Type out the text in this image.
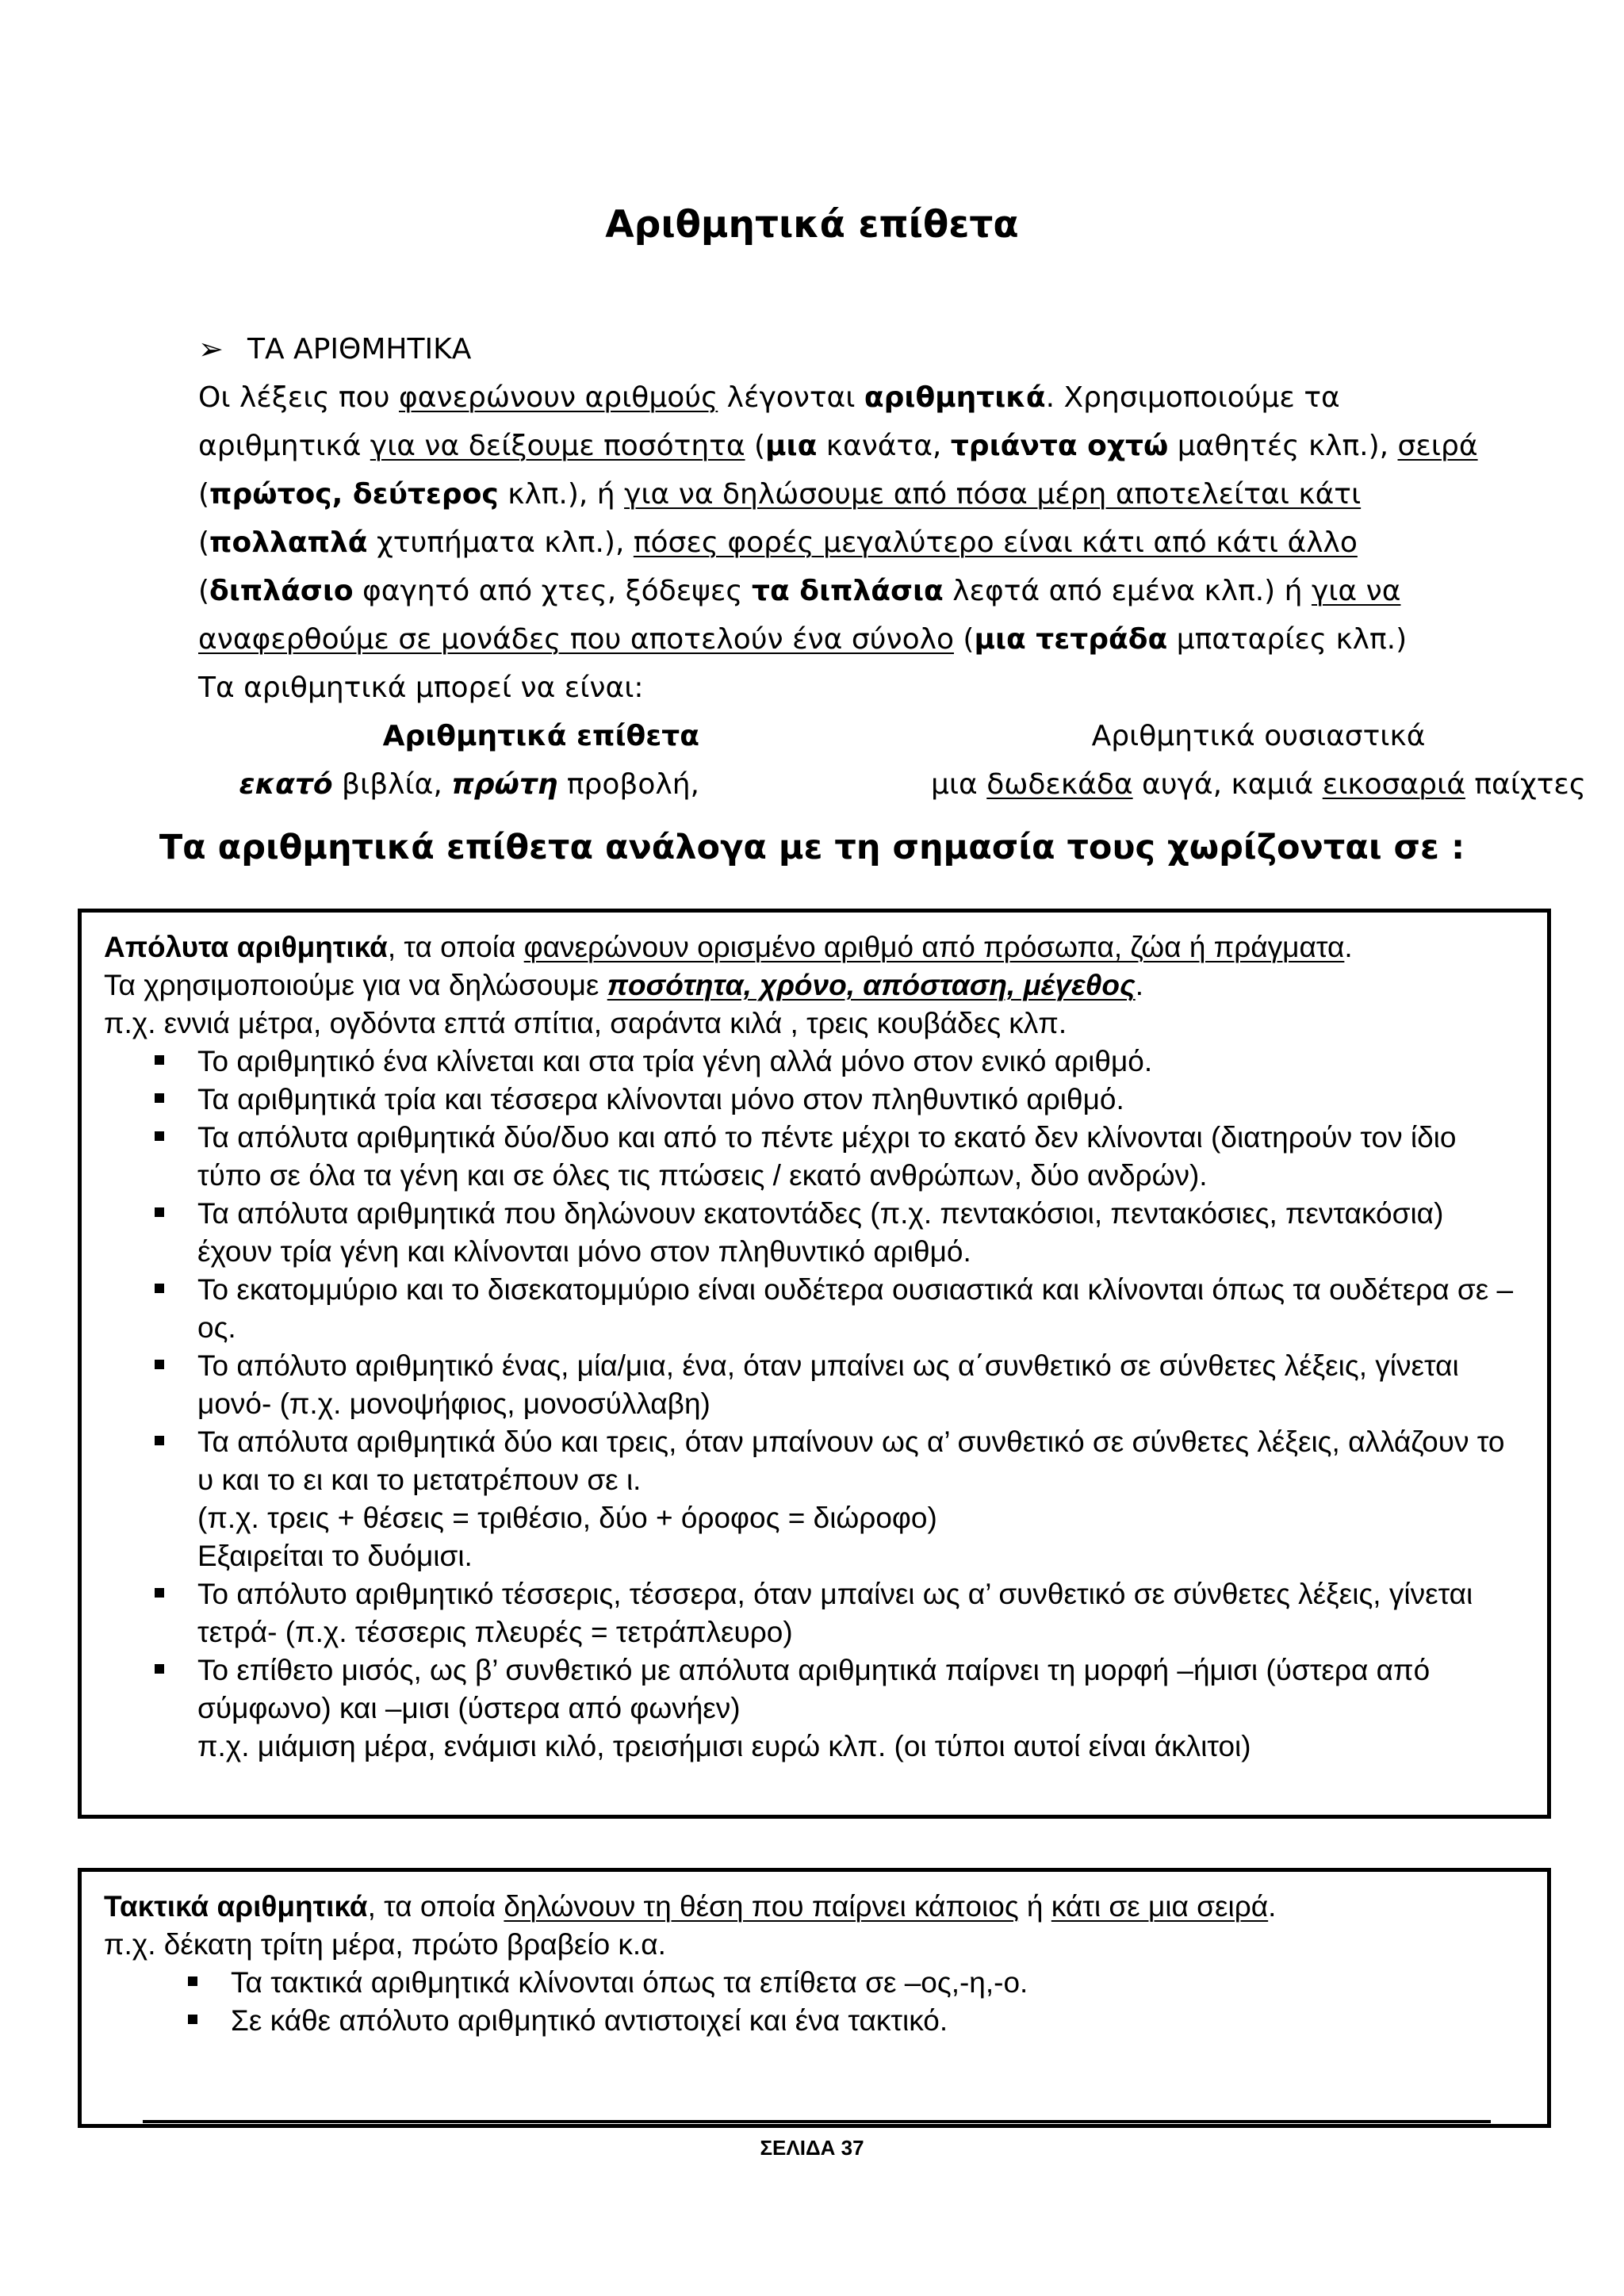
Αριθμητικά επίθετα
➢ ΤΑ ΑΡΙΘΜΗΤΙΚΑ
Οι λέξεις που φανερώνουν αριθμούς λέγονται αριθμητικά. Χρησιμοποιούμε τα αριθμητικά για να δείξουμε ποσότητα (μια κανάτα, τριάντα οχτώ μαθητές κλπ.), σειρά (πρώτος, δεύτερος κλπ.), ή για να δηλώσουμε από πόσα μέρη αποτελείται κάτι (πολλαπλά χτυπήματα κλπ.), πόσες φορές μεγαλύτερο είναι κάτι από κάτι άλλο (διπλάσιο φαγητό από χτες, ξόδεψες τα διπλάσια λεφτά από εμένα κλπ.) ή για να αναφερθούμε σε μονάδες που αποτελούν ένα σύνολο (μια τετράδα μπαταρίες κλπ.)
Τα αριθμητικά μπορεί να είναι:
Αριθμητικά επίθετα	Αριθμητικά ουσιαστικά
εκατό βιβλία, πρώτη προβολή,	μια δωδεκάδα αυγά, καμιά εικοσαριά παίχτες
Τα αριθμητικά επίθετα ανάλογα με τη σημασία τους χωρίζονται σε :

Απόλυτα αριθμητικά, τα οποία φανερώνουν ορισμένο αριθμό από πρόσωπα, ζώα ή πράγματα.

Τα χρησιμοποιούμε για να δηλώσουμε ποσότητα, χρόνο, απόσταση, μέγεθος.

π.χ. εννιά μέτρα, ογδόντα επτά σπίτια, σαράντα κιλά , τρεις κουβάδες κλπ.

Το αριθμητικό ένα κλίνεται και στα τρία γένη αλλά μόνο στον ενικό αριθμό.
Τα αριθμητικά τρία και τέσσερα κλίνονται μόνο στον πληθυντικό αριθμό.
Τα απόλυτα αριθμητικά δύο/δυο και από το πέντε μέχρι το εκατό δεν κλίνονται (διατηρούν τον ίδιο τύπο σε όλα τα γένη και σε όλες τις πτώσεις / εκατό ανθρώπων, δύο ανδρών).
Τα απόλυτα αριθμητικά που δηλώνουν εκατοντάδες (π.χ. πεντακόσιοι, πεντακόσιες, πεντακόσια) έχουν τρία γένη και κλίνονται μόνο στον πληθυντικό αριθμό.
Το εκατομμύριο και το δισεκατομμύριο είναι ουδέτερα ουσιαστικά και κλίνονται όπως τα ουδέτερα σε –ος.
Το απόλυτο αριθμητικό ένας, μία/μια, ένα, όταν μπαίνει ως α΄συνθετικό σε σύνθετες λέξεις, γίνεται μονό- (π.χ. μονοψήφιος, μονοσύλλαβη)
Τα απόλυτα αριθμητικά δύο και τρεις, όταν μπαίνουν ως α’ συνθετικό σε σύνθετες λέξεις, αλλάζουν το υ και το ει και το μετατρέπουν σε ι.

(π.χ. τρεις + θέσεις = τριθέσιο, δύο + όροφος = διώροφο)

Εξαιρείται το δυόμισι.

Το απόλυτο αριθμητικό τέσσερις, τέσσερα, όταν μπαίνει ως α’ συνθετικό σε σύνθετες λέξεις, γίνεται τετρά- (π.χ. τέσσερις πλευρές = τετράπλευρο)
Το επίθετο μισός, ως β’ συνθετικό με απόλυτα αριθμητικά παίρνει τη μορφή –ήμισι (ύστερα από σύμφωνο) και –μισι (ύστερα από φωνήεν)

π.χ. μιάμιση μέρα, ενάμισι κιλό, τρεισήμισι ευρώ κλπ. (οι τύποι αυτοί είναι άκλιτοι)

Τακτικά αριθμητικά, τα οποία δηλώνουν τη θέση που παίρνει κάποιος ή κάτι σε μια σειρά.

π.χ. δέκατη τρίτη μέρα, πρώτο βραβείο κ.α.

Τα τακτικά αριθμητικά κλίνονται όπως τα επίθετα σε –ος,-η,-ο.
Σε κάθε απόλυτο αριθμητικό αντιστοιχεί και ένα τακτικό.
ΣΕΛΙΔΑ 37
